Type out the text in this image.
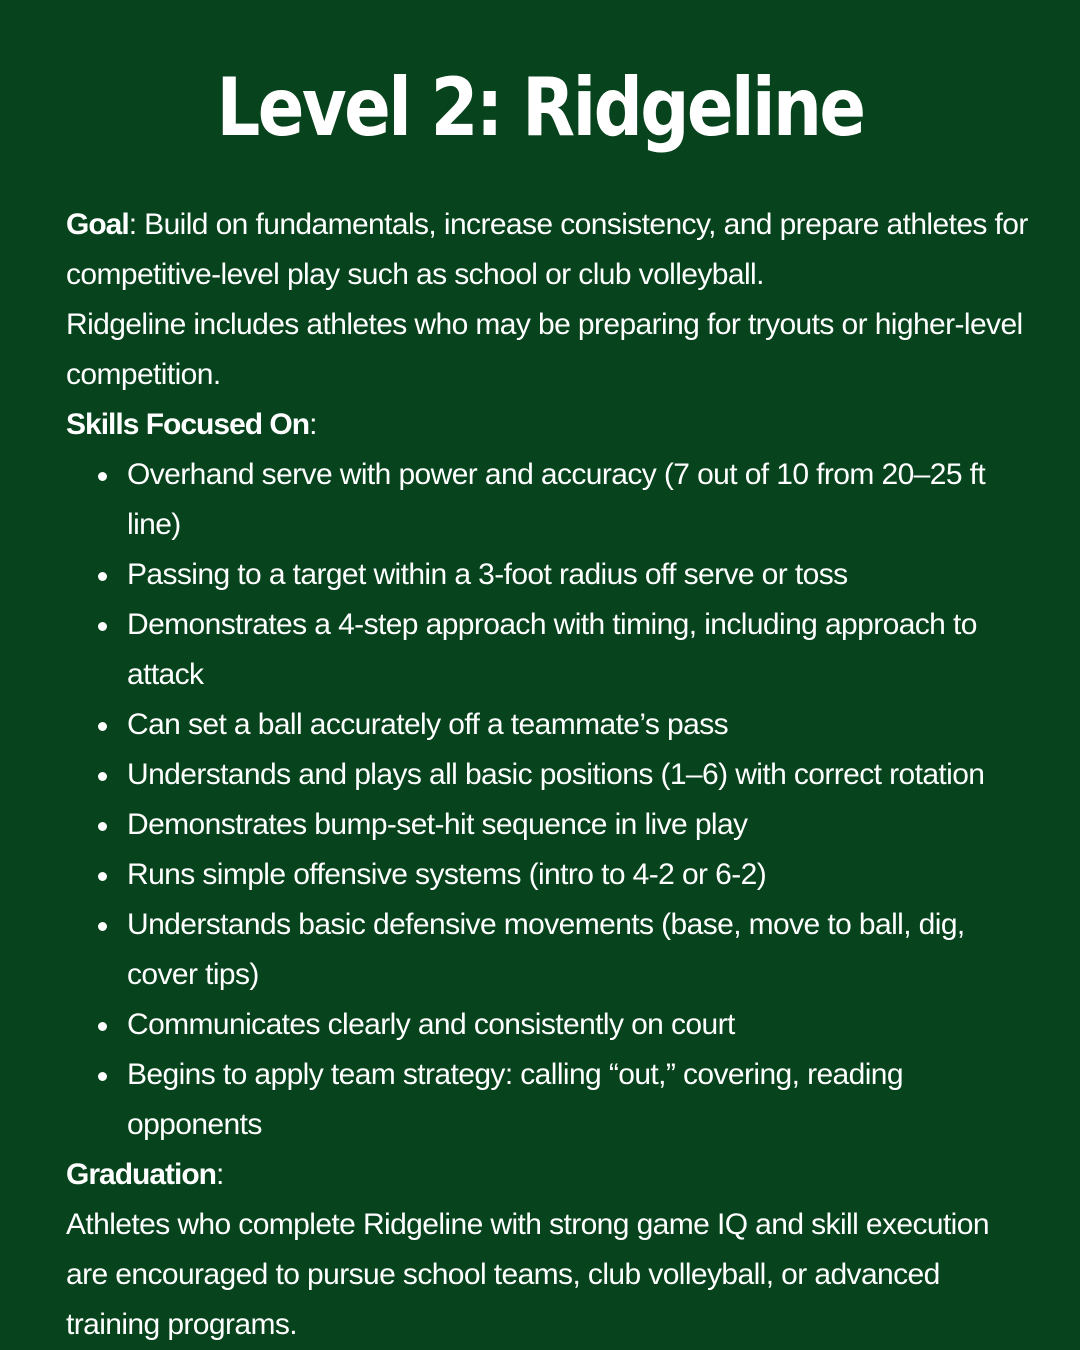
Level 2: Ridgeline

Goal: Build on fundamentals, increase consistency, and prepare athletes for competitive-level play such as school or club volleyball.

Ridgeline includes athletes who may be preparing for tryouts or higher-level competition.

Skills Focused On:

Overhand serve with power and accuracy (7 out of 10 from 20–25 ft line)
Passing to a target within a 3-foot radius off serve or toss
Demonstrates a 4-step approach with timing, including approach to attack
Can set a ball accurately off a teammate’s pass
Understands and plays all basic positions (1–6) with correct rotation
Demonstrates bump-set-hit sequence in live play
Runs simple offensive systems (intro to 4-2 or 6-2)
Understands basic defensive movements (base, move to ball, dig, cover tips)
Communicates clearly and consistently on court
Begins to apply team strategy: calling “out,” covering, reading opponents

Graduation:

Athletes who complete Ridgeline with strong game IQ and skill execution are encouraged to pursue school teams, club volleyball, or advanced training programs.
